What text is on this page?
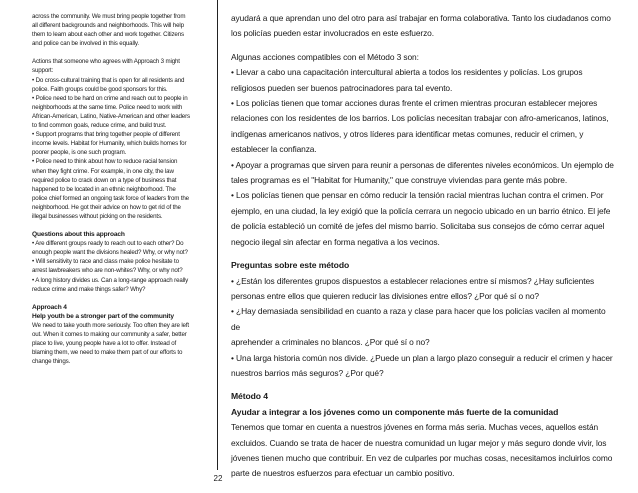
across the community. We must bring people together from

all different backgrounds and neighborhoods. This will help

them to learn about each other and work together. Citizens

and police can be involved in this equally.

Actions that someone who agrees with Approach 3 might

support:

• Do cross-cultural training that is open for all residents and

police. Faith groups could be good sponsors for this.

• Police need to be hard on crime and reach out to people in

neighborhoods at the same time. Police need to work with

African-American, Latino, Native-American and other leaders

to find common goals, reduce crime, and build trust.

• Support programs that bring together people of different

income levels. Habitat for Humanity, which builds homes for

poorer people, is one such program.

• Police need to think about how to reduce racial tension

when they fight crime. For example, in one city, the law

required police to crack down on a type of business that

happened to be located in an ethnic neighborhood. The

police chief formed an ongoing task force of leaders from the

neighborhood. He got their advice on how to get rid of the

illegal businesses without picking on the residents.

Questions about this approach

• Are different groups ready to reach out to each other? Do

enough people want the divisions healed? Why, or why not?

• Will sensitivity to race and class make police hesitate to

arrest lawbreakers who are non-whites? Why, or why not?

• A long history divides us. Can a long-range approach really

reduce crime and make things safer? Why?

Approach 4

Help youth be a stronger part of the community

We need to take youth more seriously. Too often they are left

out. When it comes to making our community a safer, better

place to live, young people have a lot to offer. Instead of

blaming them, we need to make them part of our efforts to

change things.

ayudará a que aprendan uno del otro para así trabajar en forma colaborativa. Tanto los ciudadanos como

los policías pueden estar involucrados en este esfuerzo.

Algunas acciones compatibles con el Método 3 son:

• Llevar a cabo una capacitación intercultural abierta a todos los residentes y policías. Los grupos

religiosos pueden ser buenos patrocinadores para tal evento.

• Los policías tienen que tomar acciones duras frente el crimen mientras procuran establecer mejores

relaciones con los residentes de los barrios. Los policías necesitan trabajar con afro-americanos, latinos,

indígenas americanos nativos, y otros líderes para identificar metas comunes, reducir el crimen, y

establecer la confianza.

• Apoyar a programas que sirven para reunir a personas de diferentes niveles económicos. Un ejemplo de

tales programas es el "Habitat for Humanity," que construye viviendas para gente más pobre.

• Los policías tienen que pensar en cómo reducir la tensión racial mientras luchan contra el crimen. Por

ejemplo, en una ciudad, la ley exigió que la policía cerrara un negocio ubicado en un barrio étnico. El jefe

de policía estableció un comité de jefes del mismo barrio. Solicitaba sus consejos de cómo cerrar aquel

negocio ilegal sin afectar en forma negativa a los vecinos.

Preguntas sobre este método

• ¿Están los diferentes grupos dispuestos a establecer relaciones entre sí mismos? ¿Hay suficientes

personas entre ellos que quieren reducir las divisiones entre ellos? ¿Por qué sí o no?

• ¿Hay demasiada sensibilidad en cuanto a raza y clase para hacer que los policías vacilen al momento de

aprehender a criminales no blancos. ¿Por qué sí o no?

• Una larga historia común nos divide. ¿Puede un plan a largo plazo conseguir a reducir el crimen y hacer

nuestros barrios más seguros? ¿Por qué?

Método 4

Ayudar a integrar a los jóvenes como un componente más fuerte de la comunidad

Tenemos que tomar en cuenta a nuestros jóvenes en forma más seria. Muchas veces, aquellos están

excluidos. Cuando se trata de hacer de nuestra comunidad un lugar mejor y más seguro donde vivir, los

jóvenes tienen mucho que contribuir. En vez de culparles por muchas cosas, necesitamos incluirlos como

parte de nuestros esfuerzos para efectuar un cambio positivo.

22
